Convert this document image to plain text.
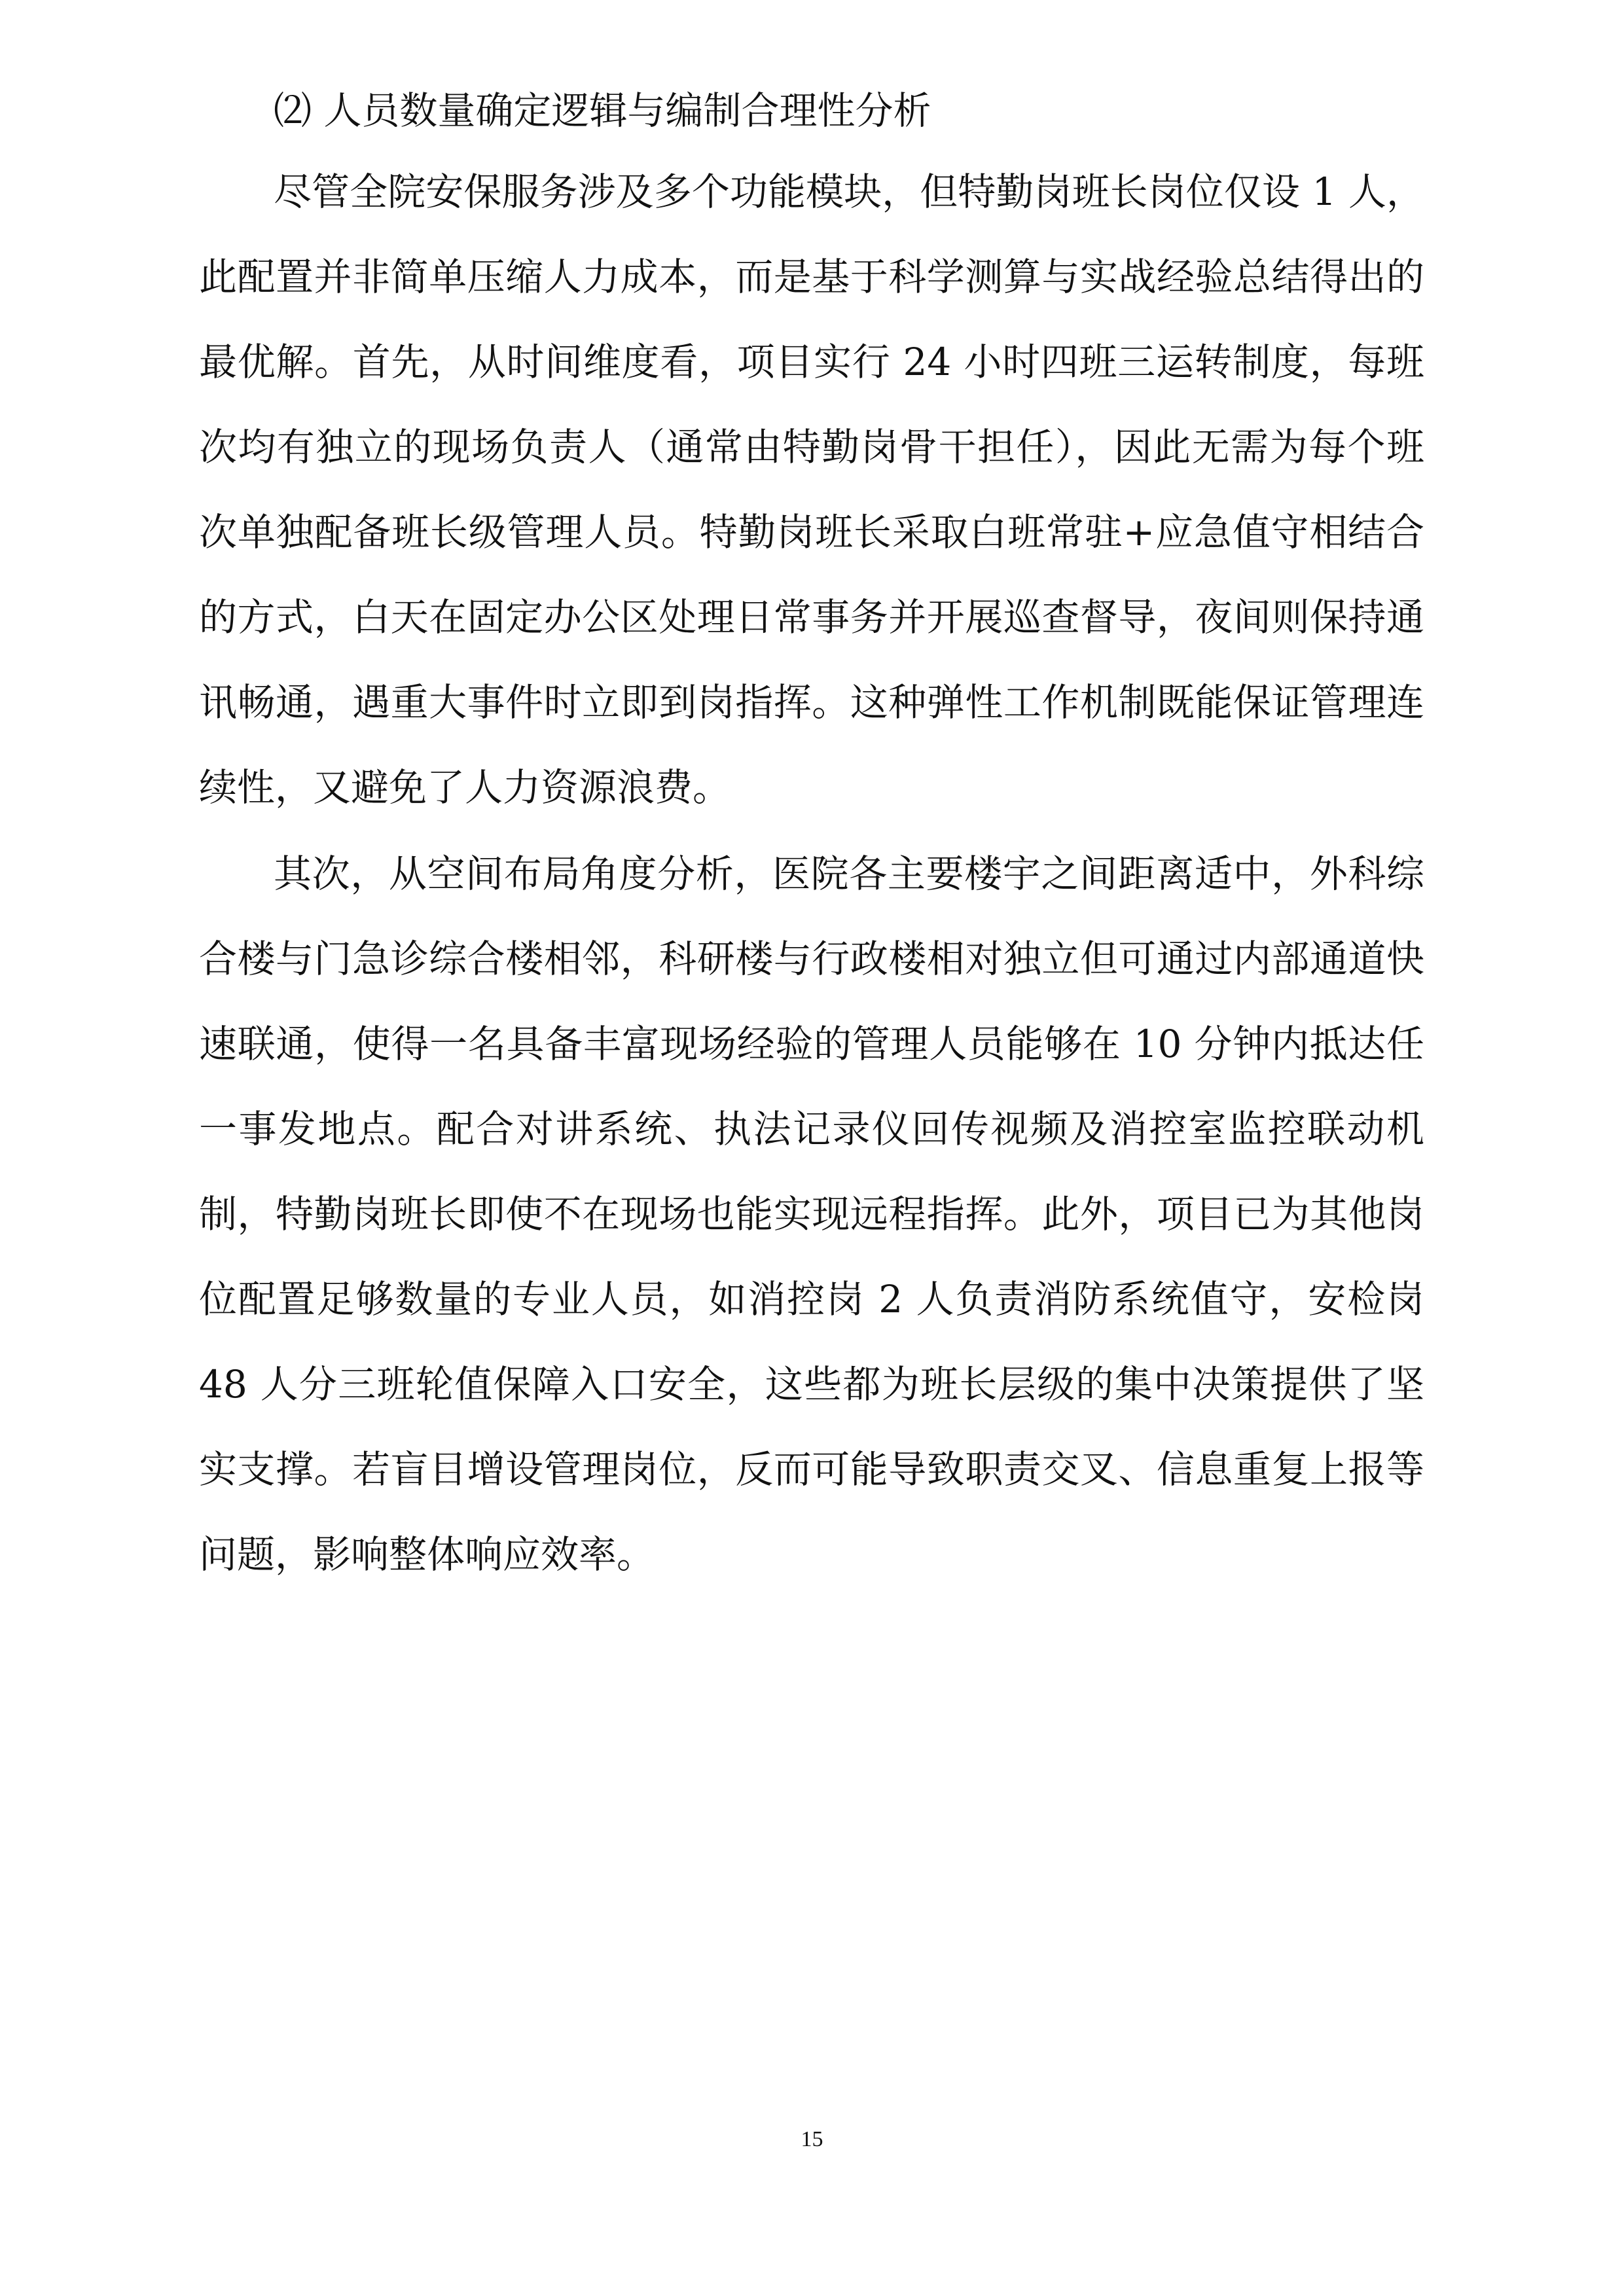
⑵ 人员数量确定逻辑与编制合理性分析
尽管全院安保服务涉及多个功能模块，但特勤岗班长岗位仅设 1 人，
此配置并非简单压缩人力成本，而是基于科学测算与实战经验总结得出的
最优解。首先，从时间维度看，项目实行 24 小时四班三运转制度，每班
次均有独立的现场负责人（通常由特勤岗骨干担任），因此无需为每个班
次单独配备班长级管理人员。特勤岗班长采取白班常驻+应急值守相结合
的方式，白天在固定办公区处理日常事务并开展巡查督导，夜间则保持通
讯畅通，遇重大事件时立即到岗指挥。这种弹性工作机制既能保证管理连
续性，又避免了人力资源浪费。
其次，从空间布局角度分析，医院各主要楼宇之间距离适中，外科综
合楼与门急诊综合楼相邻，科研楼与行政楼相对独立但可通过内部通道快
速联通，使得一名具备丰富现场经验的管理人员能够在 10 分钟内抵达任
一事发地点。配合对讲系统、执法记录仪回传视频及消控室监控联动机
制，特勤岗班长即使不在现场也能实现远程指挥。此外，项目已为其他岗
位配置足够数量的专业人员，如消控岗 2 人负责消防系统值守，安检岗
48 人分三班轮值保障入口安全，这些都为班长层级的集中决策提供了坚
实支撑。若盲目增设管理岗位，反而可能导致职责交叉、信息重复上报等
问题，影响整体响应效率。
15
